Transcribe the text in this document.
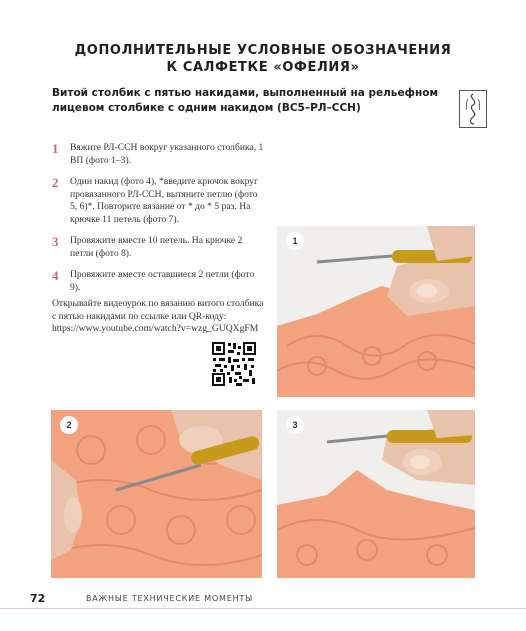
ДОПОЛНИТЕЛЬНЫЕ УСЛОВНЫЕ ОБОЗНАЧЕНИЯ
К САЛФЕТКЕ «ОФЕЛИЯ»
Витой столбик с пятью накидами, выполненный на рельефном лицевом столбике с одним накидом (ВС5–РЛ–ССН)
1	Вяжите РЛ-ССН вокруг указанного столбика, 1 ВП (фото 1–3).
2	Один накид (фото 4), *введите крючок вокруг провязанного РЛ-ССН, вытяните петлю (фото 5, 6)*. Повторите вязание от * до * 5 раз. На крючке 11 петель (фото 7).
3	Провяжите вместе 10 петель. На крючке 2 петли (фото 8).
4	Провяжите вместе оставшиеся 2 петли (фото 9).
Открывайте видеоурок по вязанию витого столбика с пятью накидами по ссылке или QR-коду:
https://www.youtube.com/watch?v=wzg_GUQXgFM
1
2	3
72	ВАЖНЫЕ ТЕХНИЧЕСКИЕ МОМЕНТЫ
